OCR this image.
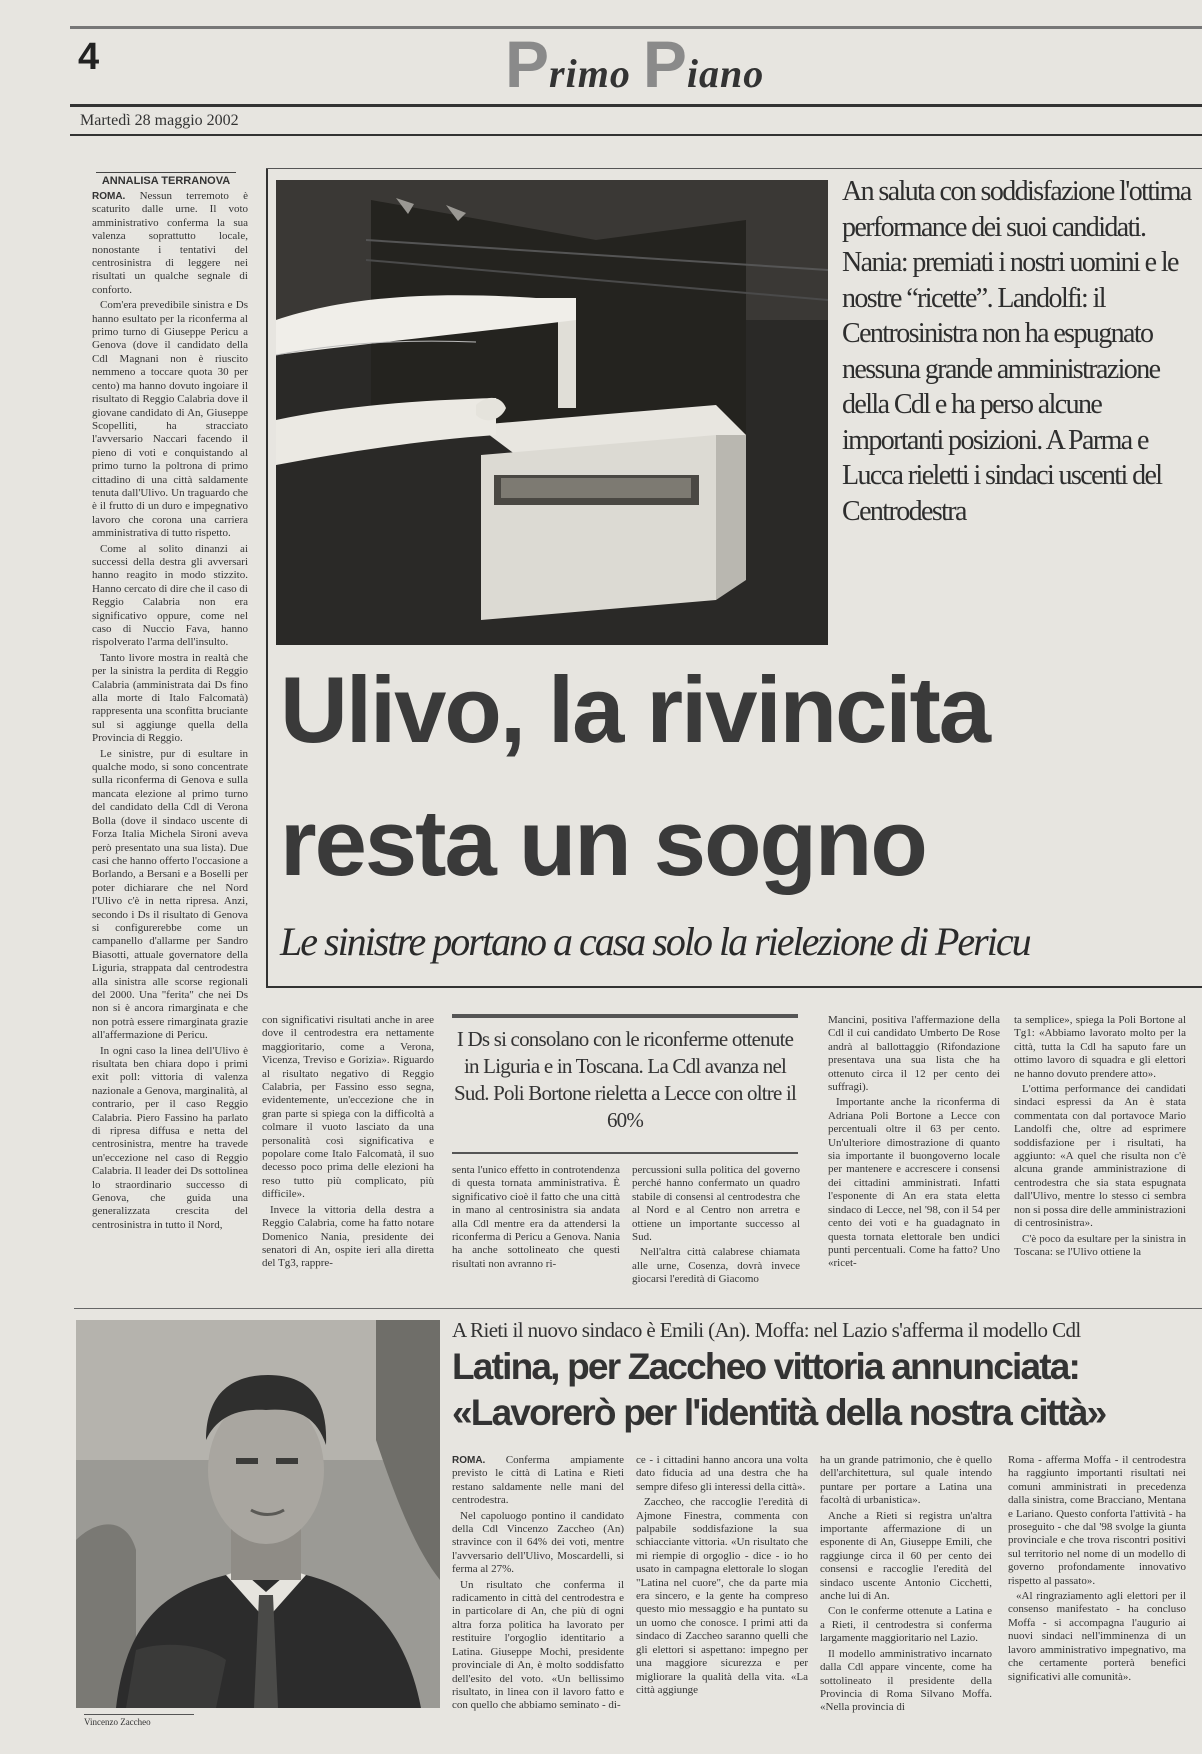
4	Primo Piano
Martedì 28 maggio 2002
ANNALISA TERRANOVA

ROMA. Nessun terremoto è scaturito dalle urne. Il voto amministrativo conferma la sua valenza soprattutto locale, nonostante i tentativi del centrosinistra di leggere nei risultati un qualche segnale di conforto.

Com'era prevedibile sinistra e Ds hanno esultato per la riconferma al primo turno di Giuseppe Pericu a Genova (dove il candidato della Cdl Magnani non è riuscito nemmeno a toccare quota 30 per cento) ma hanno dovuto ingoiare il risultato di Reggio Calabria dove il giovane candidato di An, Giuseppe Scopelliti, ha stracciato l'avversario Naccari facendo il pieno di voti e conquistando al primo turno la poltrona di primo cittadino di una città saldamente tenuta dall'Ulivo. Un traguardo che è il frutto di un duro e impegnativo lavoro che corona una carriera amministrativa di tutto rispetto.

Come al solito dinanzi ai successi della destra gli avversari hanno reagito in modo stizzito. Hanno cercato di dire che il caso di Reggio Calabria non era significativo oppure, come nel caso di Nuccio Fava, hanno rispolverato l'arma dell'insulto.

Tanto livore mostra in realtà che per la sinistra la perdita di Reggio Calabria (amministrata dai Ds fino alla morte di Italo Falcomatà) rappresenta una sconfitta bruciante sul si aggiunge quella della Provincia di Reggio.

Le sinistre, pur di esultare in qualche modo, si sono concentrate sulla riconferma di Genova e sulla mancata elezione al primo turno del candidato della Cdl di Verona Bolla (dove il sindaco uscente di Forza Italia Michela Sironi aveva però presentato una sua lista). Due casi che hanno offerto l'occasione a Borlando, a Bersani e a Boselli per poter dichiarare che nel Nord l'Ulivo c'è in netta ripresa. Anzi, secondo i Ds il risultato di Genova si configurerebbe come un campanello d'allarme per Sandro Biasotti, attuale governatore della Liguria, strappata dal centrodestra alla sinistra alle scorse regionali del 2000. Una "ferita" che nei Ds non si è ancora rimarginata e che non potrà essere rimarginata grazie all'affermazione di Pericu.

In ogni caso la linea dell'Ulivo è risultata ben chiara dopo i primi exit poll: vittoria di valenza nazionale a Genova, marginalità, al contrario, per il caso Reggio Calabria. Piero Fassino ha parlato di ripresa diffusa e netta del centrosinistra, mentre ha travede un'eccezione nel caso di Reggio Calabria. Il leader dei Ds sottolinea lo straordinario successo di Genova, che guida una generalizzata crescita del centrosinistra in tutto il Nord,

An saluta con soddisfazione l'ottima performance dei suoi candidati. Nania: premiati i nostri uomini e le nostre “ricette”. Landolfi: il Centrosinistra non ha espugnato nessuna grande amministrazione della Cdl e ha perso alcune importanti posizioni. A Parma e Lucca rieletti i sindaci uscenti del Centrodestra
Ulivo, la rivincita
resta un sogno
Le sinistre portano a casa solo la rielezione di Pericu

con significativi risultati anche in aree dove il centrodestra era nettamente maggioritario, come a Verona, Vicenza, Treviso e Gorizia». Riguardo al risultato negativo di Reggio Calabria, per Fassino esso segna, evidentemente, un'eccezione che in gran parte si spiega con la difficoltà a colmare il vuoto lasciato da una personalità così significativa e popolare come Italo Falcomatà, il suo decesso poco prima delle elezioni ha reso tutto più complicato, più difficile».

Invece la vittoria della destra a Reggio Calabria, come ha fatto notare Domenico Nania, presidente dei senatori di An, ospite ieri alla diretta del Tg3, rappre-

I Ds si consolano con le riconferme ottenute in Liguria e in Toscana. La Cdl avanza nel Sud. Poli Bortone rieletta a Lecce con oltre il 60%

senta l'unico effetto in controtendenza di questa tornata amministrativa. È significativo cioè il fatto che una città in mano al centrosinistra sia andata alla Cdl mentre era da attendersi la riconferma di Pericu a Genova. Nania ha anche sottolineato che questi risultati non avranno ri-

percussioni sulla politica del governo perché hanno confermato un quadro stabile di consensi al centrodestra che al Nord e al Centro non arretra e ottiene un importante successo al Sud.

Nell'altra città calabrese chiamata alle urne, Cosenza, dovrà invece giocarsi l'eredità di Giacomo

Mancini, positiva l'affermazione della Cdl il cui candidato Umberto De Rose andrà al ballottaggio (Rifondazione presentava una sua lista che ha ottenuto circa il 12 per cento dei suffragi).

Importante anche la riconferma di Adriana Poli Bortone a Lecce con percentuali oltre il 63 per cento. Un'ulteriore dimostrazione di quanto sia importante il buongoverno locale per mantenere e accrescere i consensi dei cittadini amministrati. Infatti l'esponente di An era stata eletta sindaco di Lecce, nel '98, con il 54 per cento dei voti e ha guadagnato in questa tornata elettorale ben undici punti percentuali. Come ha fatto? Uno «ricet-

ta semplice», spiega la Poli Bortone al Tg1: «Abbiamo lavorato molto per la città, tutta la Cdl ha saputo fare un ottimo lavoro di squadra e gli elettori ne hanno dovuto prendere atto».

L'ottima performance dei candidati sindaci espressi da An è stata commentata con dal portavoce Mario Landolfi che, oltre ad esprimere soddisfazione per i risultati, ha aggiunto: «A quel che risulta non c'è alcuna grande amministrazione di centrodestra che sia stata espugnata dall'Ulivo, mentre lo stesso ci sembra non si possa dire delle amministrazioni di centrosinistra».

C'è poco da esultare per la sinistra in Toscana: se l'Ulivo ottiene la

Vincenzo Zaccheo
A Rieti il nuovo sindaco è Emili (An). Moffa: nel Lazio s'afferma il modello Cdl
Latina, per Zaccheo vittoria annunciata:
«Lavorerò per l'identità della nostra città»

ROMA. Conferma ampiamente previsto le città di Latina e Rieti restano saldamente nelle mani del centrodestra.

Nel capoluogo pontino il candidato della Cdl Vincenzo Zaccheo (An) stravince con il 64% dei voti, mentre l'avversario dell'Ulivo, Moscardelli, si ferma al 27%.

Un risultato che conferma il radicamento in città del centrodestra e in particolare di An, che più di ogni altra forza politica ha lavorato per restituire l'orgoglio identitario a Latina. Giuseppe Mochi, presidente provinciale di An, è molto soddisfatto dell'esito del voto. «Un bellissimo risultato, in linea con il lavoro fatto e con quello che abbiamo seminato - di-

ce - i cittadini hanno ancora una volta dato fiducia ad una destra che ha sempre difeso gli interessi della città».

Zaccheo, che raccoglie l'eredità di Ajmone Finestra, commenta con palpabile soddisfazione la sua schiacciante vittoria. «Un risultato che mi riempie di orgoglio - dice - io ho usato in campagna elettorale lo slogan "Latina nel cuore", che da parte mia era sincero, e la gente ha compreso questo mio messaggio e ha puntato su un uomo che conosce. I primi atti da sindaco di Zaccheo saranno quelli che gli elettori si aspettano: impegno per una maggiore sicurezza e per migliorare la qualità della vita. «La città aggiunge

ha un grande patrimonio, che è quello dell'architettura, sul quale intendo puntare per portare a Latina una facoltà di urbanistica».

Anche a Rieti si registra un'altra importante affermazione di un esponente di An, Giuseppe Emili, che raggiunge circa il 60 per cento dei consensi e raccoglie l'eredità del sindaco uscente Antonio Cicchetti, anche lui di An.

Con le conferme ottenute a Latina e a Rieti, il centrodestra si conferma largamente maggioritario nel Lazio.

Il modello amministrativo incarnato dalla Cdl appare vincente, come ha sottolineato il presidente della Provincia di Roma Silvano Moffa. «Nella provincia di

Roma - afferma Moffa - il centrodestra ha raggiunto importanti risultati nei comuni amministrati in precedenza dalla sinistra, come Bracciano, Mentana e Lariano. Questo conforta l'attività - ha proseguito - che dal '98 svolge la giunta provinciale e che trova riscontri positivi sul territorio nel nome di un modello di governo profondamente innovativo rispetto al passato».

«Al ringraziamento agli elettori per il consenso manifestato - ha concluso Moffa - si accompagna l'augurio ai nuovi sindaci nell'imminenza di un lavoro amministrativo impegnativo, ma che certamente porterà benefici significativi alle comunità».
